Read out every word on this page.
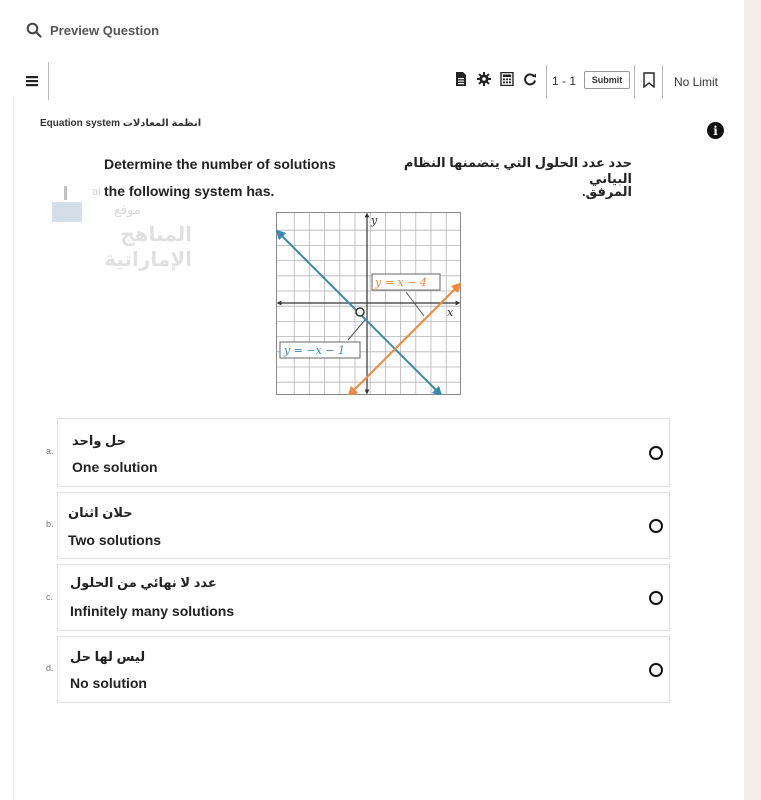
Preview Question
1 - 1	Submit	No Limit
انظمة المعادلات Equation system	i
ai
موقع
المناهج الإماراتية
Determine the number of solutions
the following system has.
حدد عدد الحلول التي يتضمنها النظام البياني
المرفق.
y
x
y = −x − 1
y = x − 4
حل واحد
One solution
a.
حلان اثنان
Two solutions
b.
عدد لا نهائي من الحلول
Infinitely many solutions
c.
ليس لها حل
No solution
d.
